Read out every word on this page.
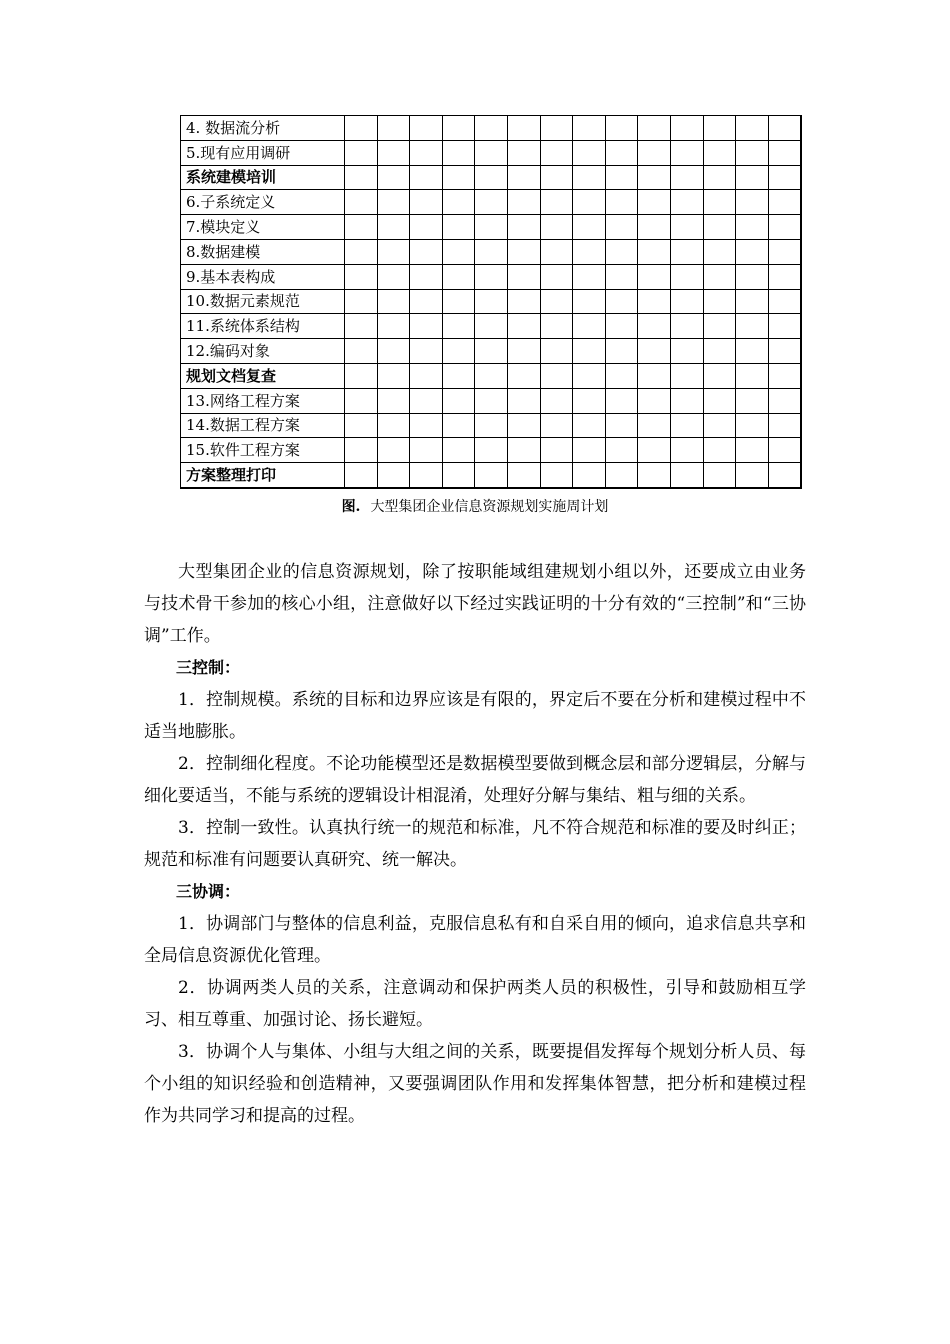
4. 数据流分析														
5.现有应用调研														
系统建模培训														
6.子系统定义														
7.模块定义														
8.数据建模														
9.基本表构成														
10.数据元素规范														
11.系统体系结构														
12.编码对象														
规划文档复查														
13.网络工程方案														
14.数据工程方案														
15.软件工程方案														
方案整理打印														
图. 大型集团企业信息资源规划实施周计划

大型集团企业的信息资源规划，除了按职能域组建规划小组以外，还要成立由业务与技术骨干参加的核心小组，注意做好以下经过实践证明的十分有效的“三控制”和“三协调”工作。

三控制：

1．控制规模。系统的目标和边界应该是有限的，界定后不要在分析和建模过程中不适当地膨胀。

2．控制细化程度。不论功能模型还是数据模型要做到概念层和部分逻辑层，分解与细化要适当，不能与系统的逻辑设计相混淆，处理好分解与集结、粗与细的关系。

3．控制一致性。认真执行统一的规范和标准，凡不符合规范和标准的要及时纠正；规范和标准有问题要认真研究、统一解决。

三协调：

1．协调部门与整体的信息利益，克服信息私有和自采自用的倾向，追求信息共享和全局信息资源优化管理。

2．协调两类人员的关系，注意调动和保护两类人员的积极性，引导和鼓励相互学习、相互尊重、加强讨论、扬长避短。

3．协调个人与集体、小组与大组之间的关系，既要提倡发挥每个规划分析人员、每个小组的知识经验和创造精神，又要强调团队作用和发挥集体智慧，把分析和建模过程作为共同学习和提高的过程。
